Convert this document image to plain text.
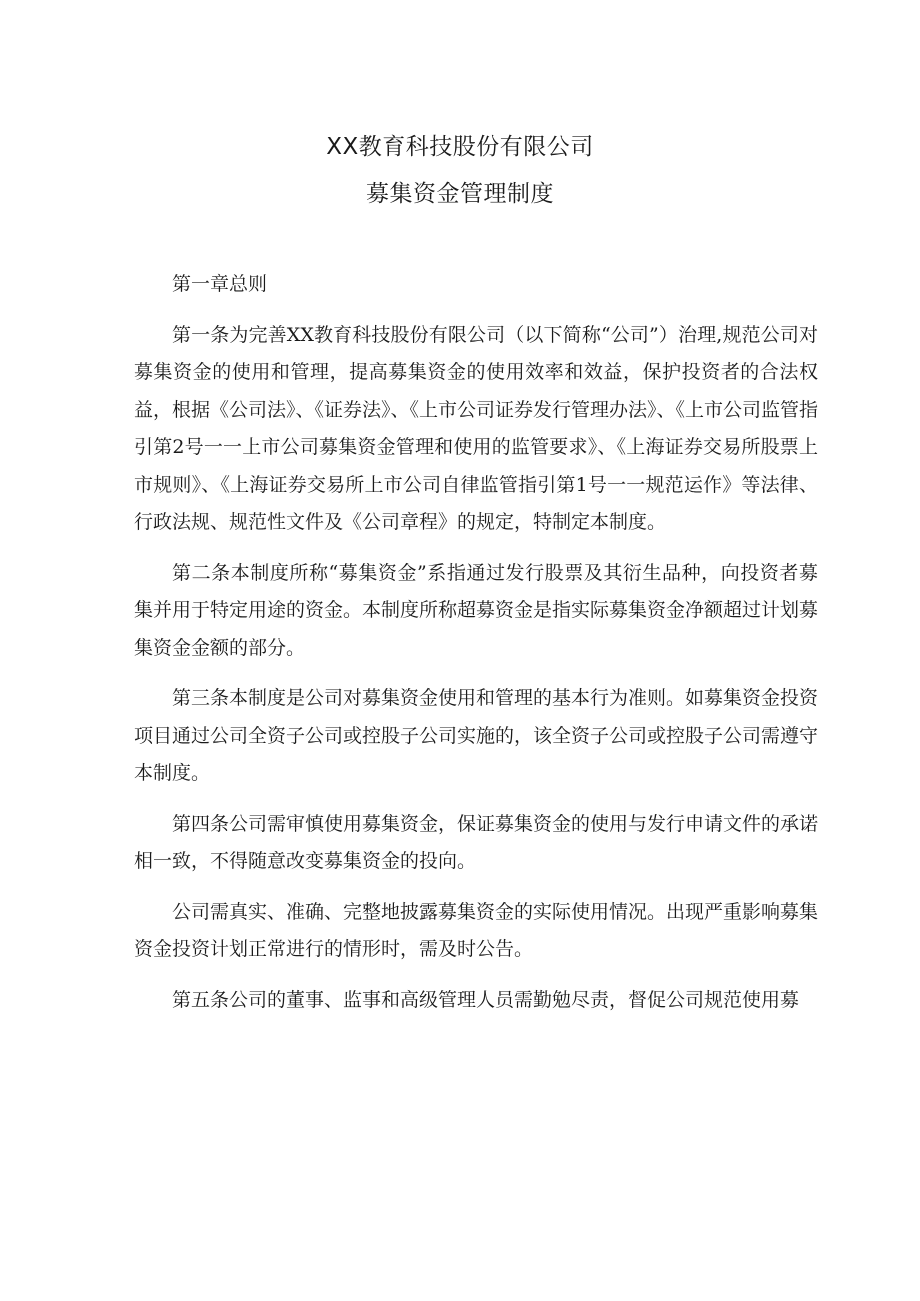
XX教育科技股份有限公司
募集资金管理制度

第一章总则

第一条为完善XX教育科技股份有限公司（以下简称“公司”）治理,规范公司对募集资金的使用和管理，提高募集资金的使用效率和效益，保护投资者的合法权益，根据《公司法》、《证券法》、《上市公司证券发行管理办法》、《上市公司监管指引第2号一一上市公司募集资金管理和使用的监管要求》、《上海证券交易所股票上市规则》、《上海证券交易所上市公司自律监管指引第1号一一规范运作》等法律、行政法规、规范性文件及《公司章程》的规定，特制定本制度。

第二条本制度所称“募集资金”系指通过发行股票及其衍生品种，向投资者募集并用于特定用途的资金。本制度所称超募资金是指实际募集资金净额超过计划募集资金金额的部分。

第三条本制度是公司对募集资金使用和管理的基本行为准则。如募集资金投资项目通过公司全资子公司或控股子公司实施的，该全资子公司或控股子公司需遵守本制度。

第四条公司需审慎使用募集资金，保证募集资金的使用与发行申请文件的承诺相一致，不得随意改变募集资金的投向。

公司需真实、准确、完整地披露募集资金的实际使用情况。出现严重影响募集资金投资计划正常进行的情形时，需及时公告。

第五条公司的董事、监事和高级管理人员需勤勉尽责，督促公司规范使用募
